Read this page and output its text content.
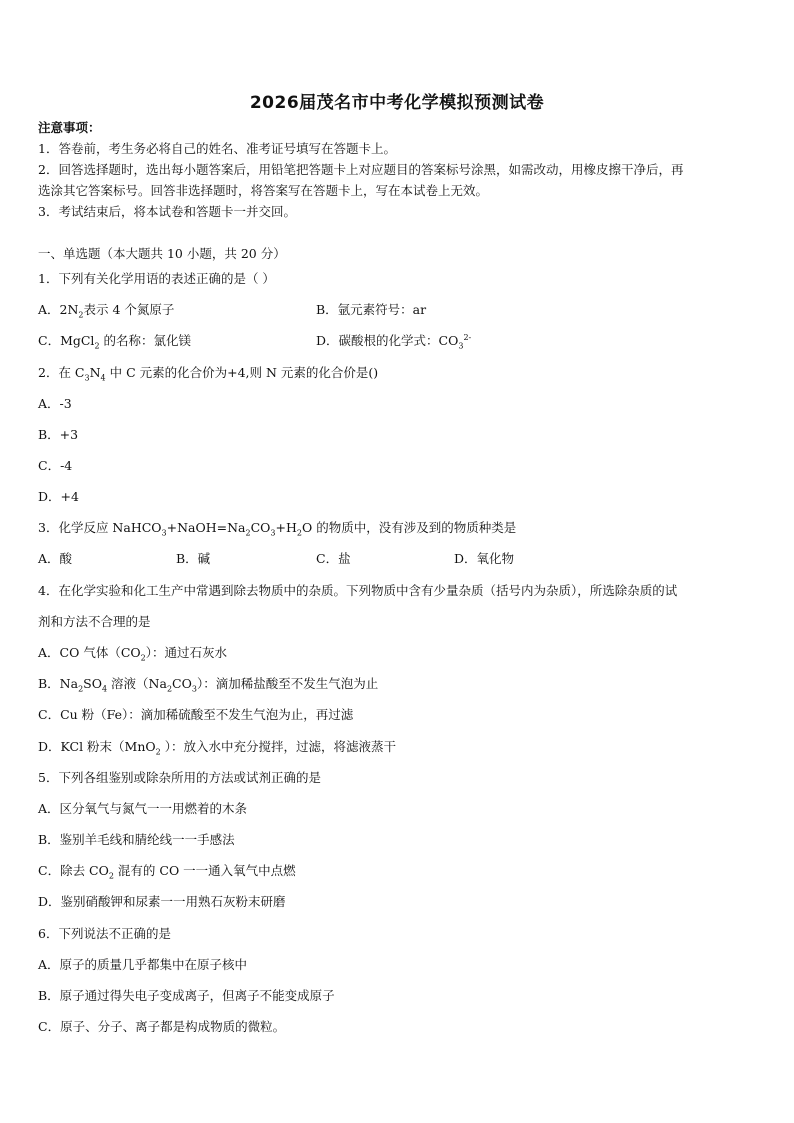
2026届茂名市中考化学模拟预测试卷
注意事项：
1．答卷前，考生务必将自己的姓名、准考证号填写在答题卡上。
2．回答选择题时，选出每小题答案后，用铅笔把答题卡上对应题目的答案标号涂黑，如需改动，用橡皮擦干净后，再
选涂其它答案标号。回答非选择题时，将答案写在答题卡上，写在本试卷上无效。
3．考试结束后，将本试卷和答题卡一并交回。
一、单选题（本大题共 10 小题，共 20 分）
1．下列有关化学用语的表述正确的是（ ）
A．$2N_2$表示 4 个氮原子	B．氩元素符号：ar
C．MgCl$_2$ 的名称：氯化镁	D．碳酸根的化学式：$CO_3^{2-}$
2．在 $C_3N_4$ 中 C 元素的化合价为+4,则 N 元素的化合价是()
A．-3
B．+3
C．-4
D．+4
3．化学反应 $NaHCO_3+NaOH=Na_2CO_3+H_2O$ 的物质中，没有涉及到的物质种类是
A．酸	B．碱	C．盐	D．氧化物
4．在化学实验和化工生产中常遇到除去物质中的杂质。下列物质中含有少量杂质（括号内为杂质），所选除杂质的试
剂和方法不合理的是
A．CO 气体$(CO_2)$：通过石灰水
B．$Na_2SO_4$ 溶液$(Na_2CO_3)$：滴加稀盐酸至不发生气泡为止
C．Cu 粉（Fe）：滴加稀硫酸至不发生气泡为止，再过滤
D．KCl 粉末（MnO$_2$ ）：放入水中充分搅拌，过滤，将滤液蒸干
5．下列各组鉴别或除杂所用的方法或试剂正确的是
A．区分氧气与氮气一一用燃着的木条
B．鉴别羊毛线和腈纶线一一手感法
C．除去 $CO_2$ 混有的 CO 一一通入氧气中点燃
D．鉴别硝酸钾和尿素一一用熟石灰粉末研磨
6．下列说法不正确的是
A．原子的质量几乎都集中在原子核中
B．原子通过得失电子变成离子，但离子不能变成原子
C．原子、分子、离子都是构成物质的微粒。
